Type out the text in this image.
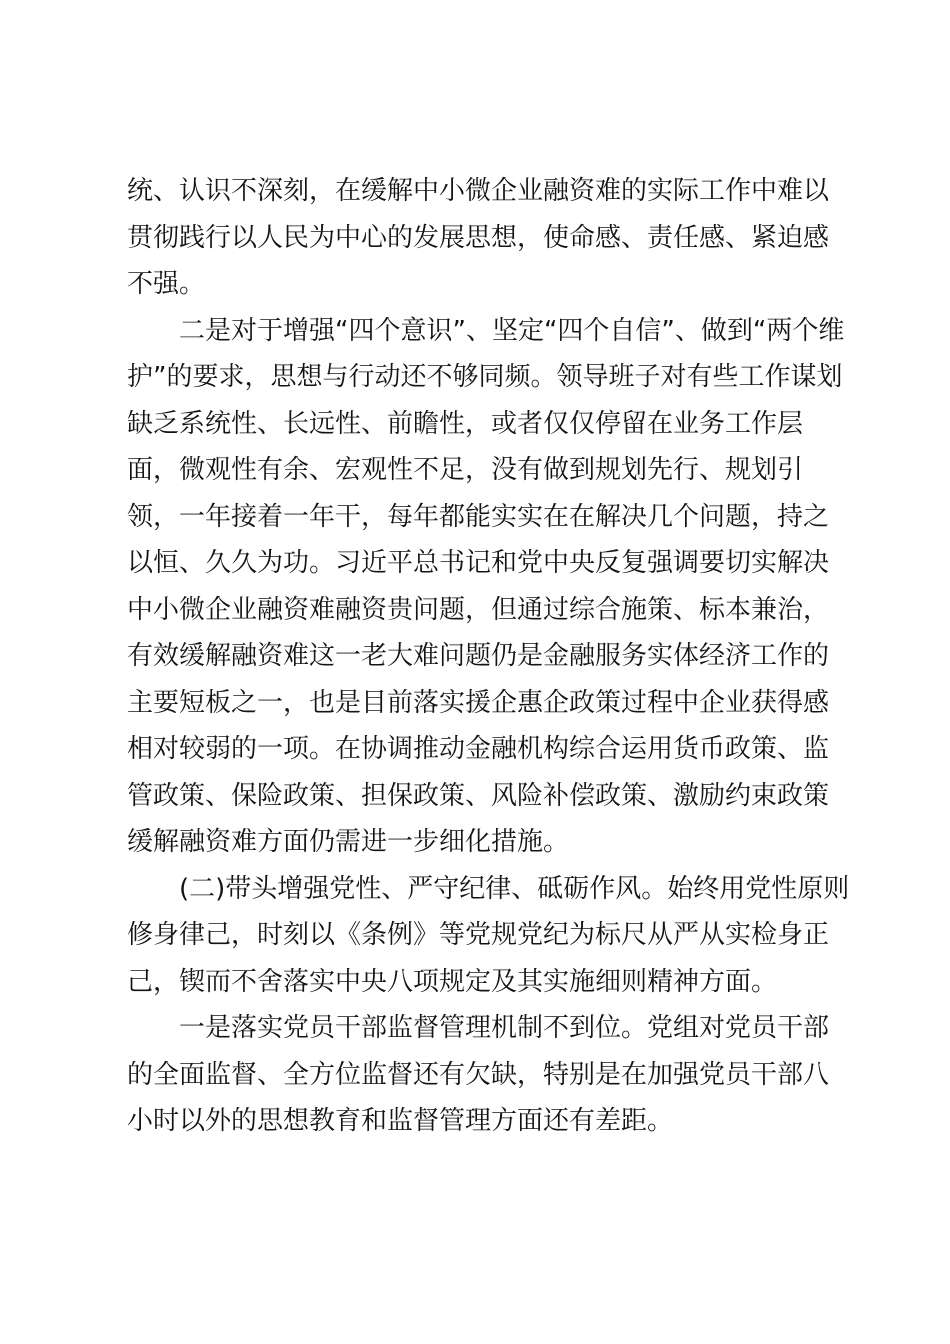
统、认识不深刻，在缓解中小微企业融资难的实际工作中难以
贯彻践行以人民为中心的发展思想，使命感、责任感、紧迫感
不强。
二是对于增强“四个意识”、坚定“四个自信”、做到“两个维
护”的要求，思想与行动还不够同频。领导班子对有些工作谋划
缺乏系统性、长远性、前瞻性，或者仅仅停留在业务工作层
面，微观性有余、宏观性不足，没有做到规划先行、规划引
领，一年接着一年干，每年都能实实在在解决几个问题，持之
以恒、久久为功。习近平总书记和党中央反复强调要切实解决
中小微企业融资难融资贵问题，但通过综合施策、标本兼治，
有效缓解融资难这一老大难问题仍是金融服务实体经济工作的
主要短板之一，也是目前落实援企惠企政策过程中企业获得感
相对较弱的一项。在协调推动金融机构综合运用货币政策、监
管政策、保险政策、担保政策、风险补偿政策、激励约束政策
缓解融资难方面仍需进一步细化措施。
(二)带头增强党性、严守纪律、砥砺作风。始终用党性原则
修身律己，时刻以《条例》等党规党纪为标尺从严从实检身正
己，锲而不舍落实中央八项规定及其实施细则精神方面。
一是落实党员干部监督管理机制不到位。党组对党员干部
的全面监督、全方位监督还有欠缺，特别是在加强党员干部八
小时以外的思想教育和监督管理方面还有差距。
